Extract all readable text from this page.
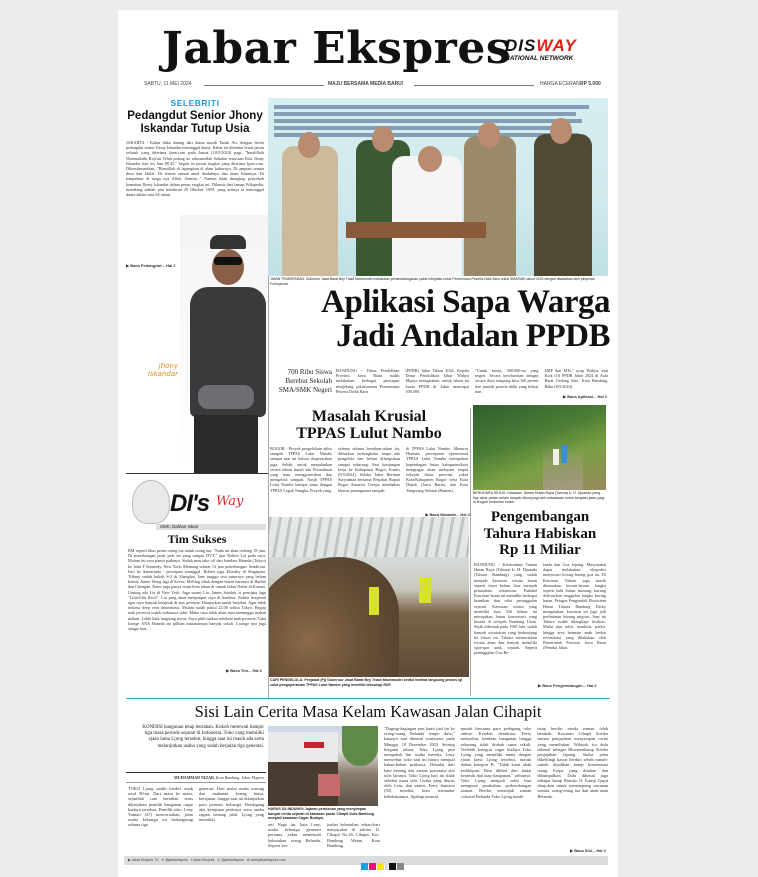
Jabar Ekspres
DISWAY
NATIONAL NETWORK
SABTU, 11 MEI 2024	MAJU BERSAMA MEDIA BARU!	HARGA ECERAN RP 5.000
SELEBRITI
Pedangdut Senior Jhony Iskandar Tutup Usia
JAKARTA - Kabar duka datang dari dunia musik Tanah Air, dengan berita pedangdut senior Jhony Iskandar meninggal dunia. Kabar ini diterima lewat pesan seluruh yang diterima Jpnn.com pada Jumat (10/5/2024) pagi. "Innalillahi Wainnailaihi Roji'un Telah pulang ke rahmatullah Sahabat senusaan Kita Jhony Iskandar hari ini Jam 08.45," begitu isi pesan singkat yang diterima Jpnn.com. Dikonfirmasikan, "Bismillah di lapangkan di alam kuburnya. Di ampuni semua dosa dan khilaf. Di terima semua amal ibadahnya dan iman Islamnya. Di tempatkan di surga nya Allah. Aamiin..." Namun tidak diungkap penyebab kematian Jhony Iskandar dalam pesan singkat ini. Dilansir dari laman Wikipedia, mendiang adalah pria kelahiran 20 Oktober 1959, yang artinya ia meninggal dunia dalam usia 64 tahun.
▶ Baca Pedangdut... Hal 2
Jhony Iskandar
DI's Way
Oleh: Dahlan Iskan
Tim Sukses
BM seperti khas pesan orang tua untuk orang tua: "Suda ini akan terbang 18 jam. Di penerbangan jarak jauh ini yang sampai DVT," ujar Robert Lai pada saya. Malam itu saya pamit padanya. Sudah mau take off dari bandara Haneda (Tokyo) ke John F Kennedy, New York. Memang sekitar 13 jam penerbangan. Sendirian. Istri ke Samarinda - persiapan reuniggal. Robert juga Dorothy di Singapura. Tiffany sudah kuliah S-2 di Shanghai. Iane tunggu sisa sanuraya yang belum keluar. Annie Wong lagi di Korea. Melling sibuk dengan bisnis barunya di Harbin dan Chengdu. Kami juga punya reuni lima tahun di rumah Infan Nolen di Kansas. Untung ada Lia di New York. Juga suami Lia: James Sandah, si pencipta lagu "Lilin-lilin Kecil". Lia yang akan menjemput saya di bandara. Robert berpesan agar saya banyak bergerak di atas pesawat. Dianjurkan untuk berjalan. Agar tidak terkena deep vein thrombosis. Malam sudah pukul 22.00 waktu Tokyo. Begitu naik pesawat sudah waktunya tidur. Maka saya tidak akan mau menunggu makan malam. Lebih baik langsung tewas. Saya pilih makan sebelum naik pesawat. Tahu lounge ANA Haneda ini pilihan makanannya banyak sekali. Lounge nya juga sangat luas.
▶ Baca Tim... Hal 2
JAMIN TRANSPARAN: Gubernur Jawa Barat Bey Triadi Machmudin melakukan penandatanganan pakta integritas untuk Penerimaan Peserta Didik Baru untuk SMA/SMK tahun 2024 dengan disaksikan oleh pimpinan Forkopimda.
Aplikasi Sapa Warga
Jadi Andalan PPDB
700 Ribu Siswa Berebut Sekolah SMA/SMK Negeri
BANDUNG - Dinas Pendidikan Provinsi Jawa Barat sudah melakukan berbagai persiapan menjelang pelaksanaan Penerimaan Peserta Didik Baru
(PPDB) Jabar Tahun 2024. Kepala Dinas Pendidikan Jabar Wahyu Mijaya mengatakan, untuk tahun ini kuota PPDB di Jabar mencapai 300.000.
"Untuk kuota, 300.000-an yang negeri. Secara keseluruhan dengan secara daya tampung bisa 160 persen dari jumlah peserta didik yang keluar dari
SMP dan MTs," ucap Wahyu, saat Kick Off PPDB Jabar 2024 di Aula Barat Gedung Sate, Kota Bandung, Rabu (8/5/2024).
▶ Baca Aplikasi... Hal 2
Masalah Krusial
TPPAS Lulut Nambo
BOGOR - Proyek pengelolaan akhir sampah TPPAS Lulut Nambo sampai saat ini belum dioperasikan juga. Sebab, untuk menjalankan secara teknis butuh ada Perusahaan yang mau menggosesikan dan mengelola sampah. Nasib TPPAS Lulut Nambo hampir sama dengan TPPAS Legok Nangka. Proyek yang
selama selama bertahun-tahun itu, dibiarkan terbengkalai tanpa ada pengelola dan belum difungsikan sampai sekarang. Saat kunjungan kerja ke Kabupaten Bogor, Kamis (9/5/2024), Selaku Jabar Herman Suryatman bersama Penjabat Bupati Bogor Asmawa Tosepu membahas khusus penanganan sampah
di TPPAS Lulut Nambo. Menurut Herman, percepatan operasional TPPAS Lulut Nambo merupakan kepentingan lintas kabupaten/kota mengingat akan melayani empat wilayah lintas provinsi, yakni Kota/Kabupaten Bogor serta Kota Depok (Jawa Barat), dan Kota Tangerang Selatan (Banten).
▶ Baca Masalah... Hal 2
CARI PENGELOLA: Penjabat (Pj) Gubernur Jawa Barat Bey Triadi Machmudin ketika melihat langsung proses uji coba pengoperasian TPPAS Lulut Nambo yang memiliki teknologi RDF.
BERUDARA SEJUK: Kawasan Taman Hutan Raya (Tahura) Ir. H. Djuanda yang tiap akhir pekan selalu banyak dikunjungi oleh wisatawan untuk berjalan-jalan pagi di tengah rimbunan hutan.
Pengembangan
Tahura Habiskan
Rp 11 Miliar
BANDUNG - Keberadaan Taman Hutan Raya (Tahura) Ir. H. Djuanda (Tahura Bandung) yang sudah menjadi kawasan wisata hutan seperti tinya belum bisa menjadi primadona wisatawan. Padahal Kawasan hutan ini memiliki berbagai keunikan dan nilai peninggalan sejarah. Kawasan wisata yang memiliki luas 526 hektar ini merupakan hutan konservasi yang berada di wilayah Bandung Utara. Sejak dibentuk pada 1985 lalu, sudah banyak wisatawan yang berkunjung ke lokasi ini. Tahura menawarkan wisata alam dan banyak memiliki spot-spot unik, sejarah. Seperti peninggalan Goa Be-
landa dan Goa Jepang. Masyarakat dapat melakukan ekspedisi menyusuri lorong-lorong goa itu. Di Kawasan Tahura juga masih ditemukan hewan-hewan langka seperti babi hutan, musang, burung deliruwkan tenggalon langka kucing hutan. Petugas Pengendali Ekosistem Hutan Tahura Bandung Dicky mengatakan, kawasan ini juga jadi perlintasan burung migrasi. Saat ini Tahura sudah dilengkapi fasilitas. Mulai dari toilet, mushola, parkir, hingga area bermain anak berkat revitalisasi yang dilakukan oleh Pemerintah Provinsi Jawa Barat (Pemda) Jabar.
▶ Baca Pengembangan... Hal 2
Sisi Lain Cerita Masa Kelam Kawasan Jalan Cihapit
KONDISI bangunan tetap bertahan. Kokoh melewati hampir tiga masa periode sejarah di Indonesia. Toko yang memiliki ejaan lama Ljong tersebut, hingga saat ini masih ada serta melanjutkan usaha yang sudah berjalan tiga generasi.
MUHAMMAD NIZAR, Kota Bandung, Jabar Ekspres
TOKO Ljong sudah berdiri sejak awal 90-an. Dari masa ke masa, sejumlah cara bertahan terus dikerjakan pemilik bangunan cagar budaya tersebut. Pemilik toko, Leny Yuniati (47) menceritakan, jalan usaha keluarga itu berlangsung selama tiga
generasi. Dari mulai usaha warung dan makanan kering biasa, kerajinan, hingga saat ini dilanjutkan para penerus keluarga. Berdagang alat kerajinan prakarya serta aneka ragam benang jahit. Ljong yang memiliki
HARUS DILINDUNGI: Jajaran pertokoan yang menyimpan banyak cerita sejarah di kawasan pasar Cihapit Kota Bandung menjadi kawasan Cagar Budaya.
arti Naga itu, kata Leny, usaha keluarga generasi pertama yakni memenuhi kebutuhan orang Belanda. Seperti ber-
jualan kebutuhan sehari-hari masyarakat di sekitar II. Cihapit No.16, Cihapit, Kec. Bandung Wetan, Kota Bandung.
"Daging-dagingan pun kami jual itu ke orang-orang Belanda tempo dulu," katanya saat ditemui wartawan, pada Minggu, 10 Desember 2023. Seiring berganti tahun, Toko Ljong pun mengubah lini usaha mereka. Leny menyebut, toko saat ini hanya menjual bahan-bahan prakarya. Dimulai dari kain benang dan sarana prasarana alat tulis lainnya. Toko Ljong hari ini tidak sebebat masa lalu. Usaha yang diurus oleh Leny dan suami, Ferry Sunison (50) tersebut kian memudar kebebatannya. Apalagi muncul
musuh bersama para pedagang toko online. Kendati demikian, Ferry menyebut, keadaan bangunan hingga sekarang tidak diubah sama sekali. Terlebih kategori cagar budaya Toko Ljong yang memiliki nama dengan ejaan lama Ljong tersebut, masuk dalam kategori B. "Tidak kami ubah sedikitpun. Bisa dilihat dari lantai keramik dan atap bangunan," sebutnya. Toko Ljong menjadi saksi bisa mengenai perubahan perkembangan zaman. Berdiri semenjak zaman colonial Belanda Toko Ljong masih
tetap berdiri meski zaman telah berubah. Kawasan Cihapit Ketika zaman penjajahan menyimpan cerita yang memilukan. Wilayah itu dulu dikenal sebagai Bloemenkamp Ketika penjajahan Jepang. Sudut jalan dikelilingi kawat berduri sebab rumah-rumah dijadikan kamp konsentrasi orang Eropa yang ditahan dan dikumpulkan. Dulu dikenal juga sebagai kamp Bunsho II, Kamp Tjapit ditujukan untuk menampung tawanan wanita, orang-orang tua dan anak-anak Belanda.
▶ Baca Sisi... Hal 2
▶ Jabar Ekspres TV ✦ @jabarekspres f Jabar Ekspres ◎ @jabarekspres ⊕ www.jabarekspres.com
